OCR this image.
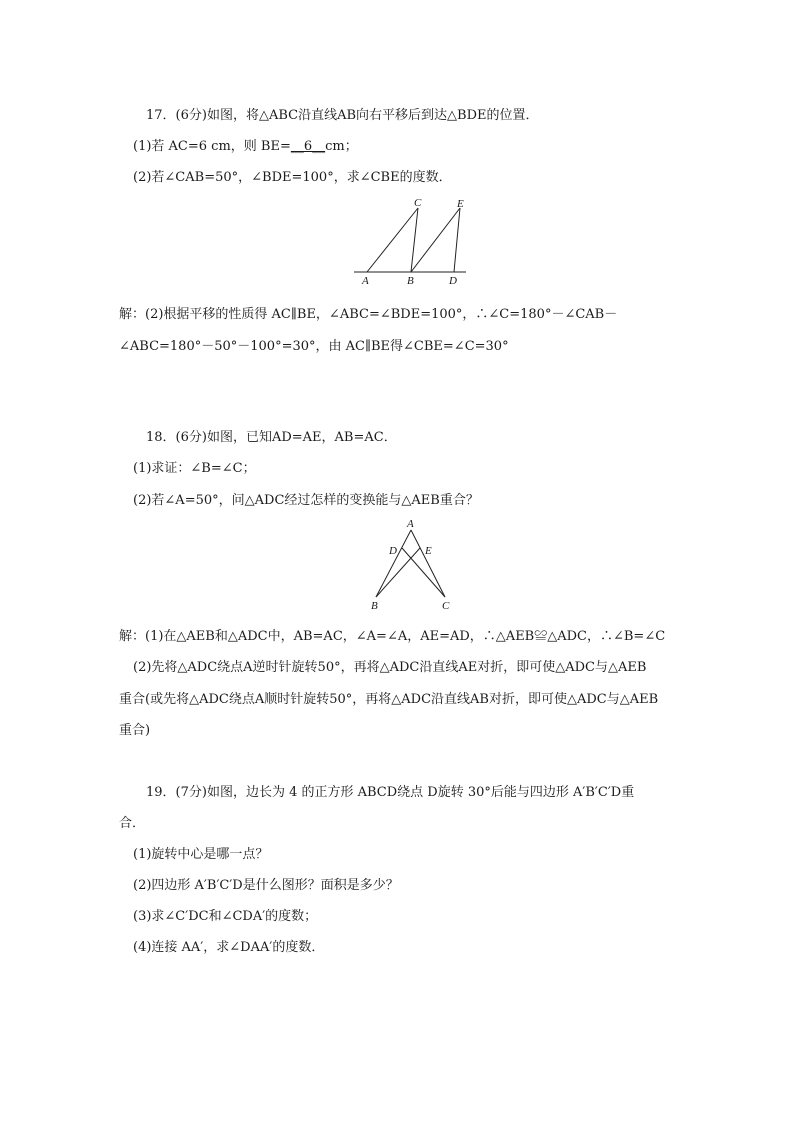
17．(6分)如图，将△ABC沿直线AB向右平移后到达△BDE的位置．
(1)若 AC=6 cm，则 BE=__6__cm；
(2)若∠CAB=50°，∠BDE=100°，求∠CBE的度数．
C	E
A	B	D
解：(2)根据平移的性质得 AC∥BE，∠ABC=∠BDE=100°，∴∠C=180°－∠CAB－
∠ABC=180°－50°－100°=30°，由 AC∥BE得∠CBE=∠C=30°
18．(6分)如图，已知AD=AE，AB=AC．
(1)求证：∠B=∠C；
(2)若∠A=50°，问△ADC经过怎样的变换能与△AEB重合？
A
D	E
B	C
解：(1)在△AEB和△ADC中，AB=AC，∠A=∠A，AE=AD，∴△AEB≌△ADC，∴∠B=∠C
(2)先将△ADC绕点A逆时针旋转50°，再将△ADC沿直线AE对折，即可使△ADC与△AEB
重合(或先将△ADC绕点A顺时针旋转50°，再将△ADC沿直线AB对折，即可使△ADC与△AEB
重合)
19．(7分)如图，边长为 4 的正方形 ABCD绕点 D旋转 30°后能与四边形 A′B′C′D重
合．
(1)旋转中心是哪一点？
(2)四边形 A′B′C′D是什么图形？面积是多少？
(3)求∠C′DC和∠CDA′的度数；
(4)连接 AA′，求∠DAA′的度数．
